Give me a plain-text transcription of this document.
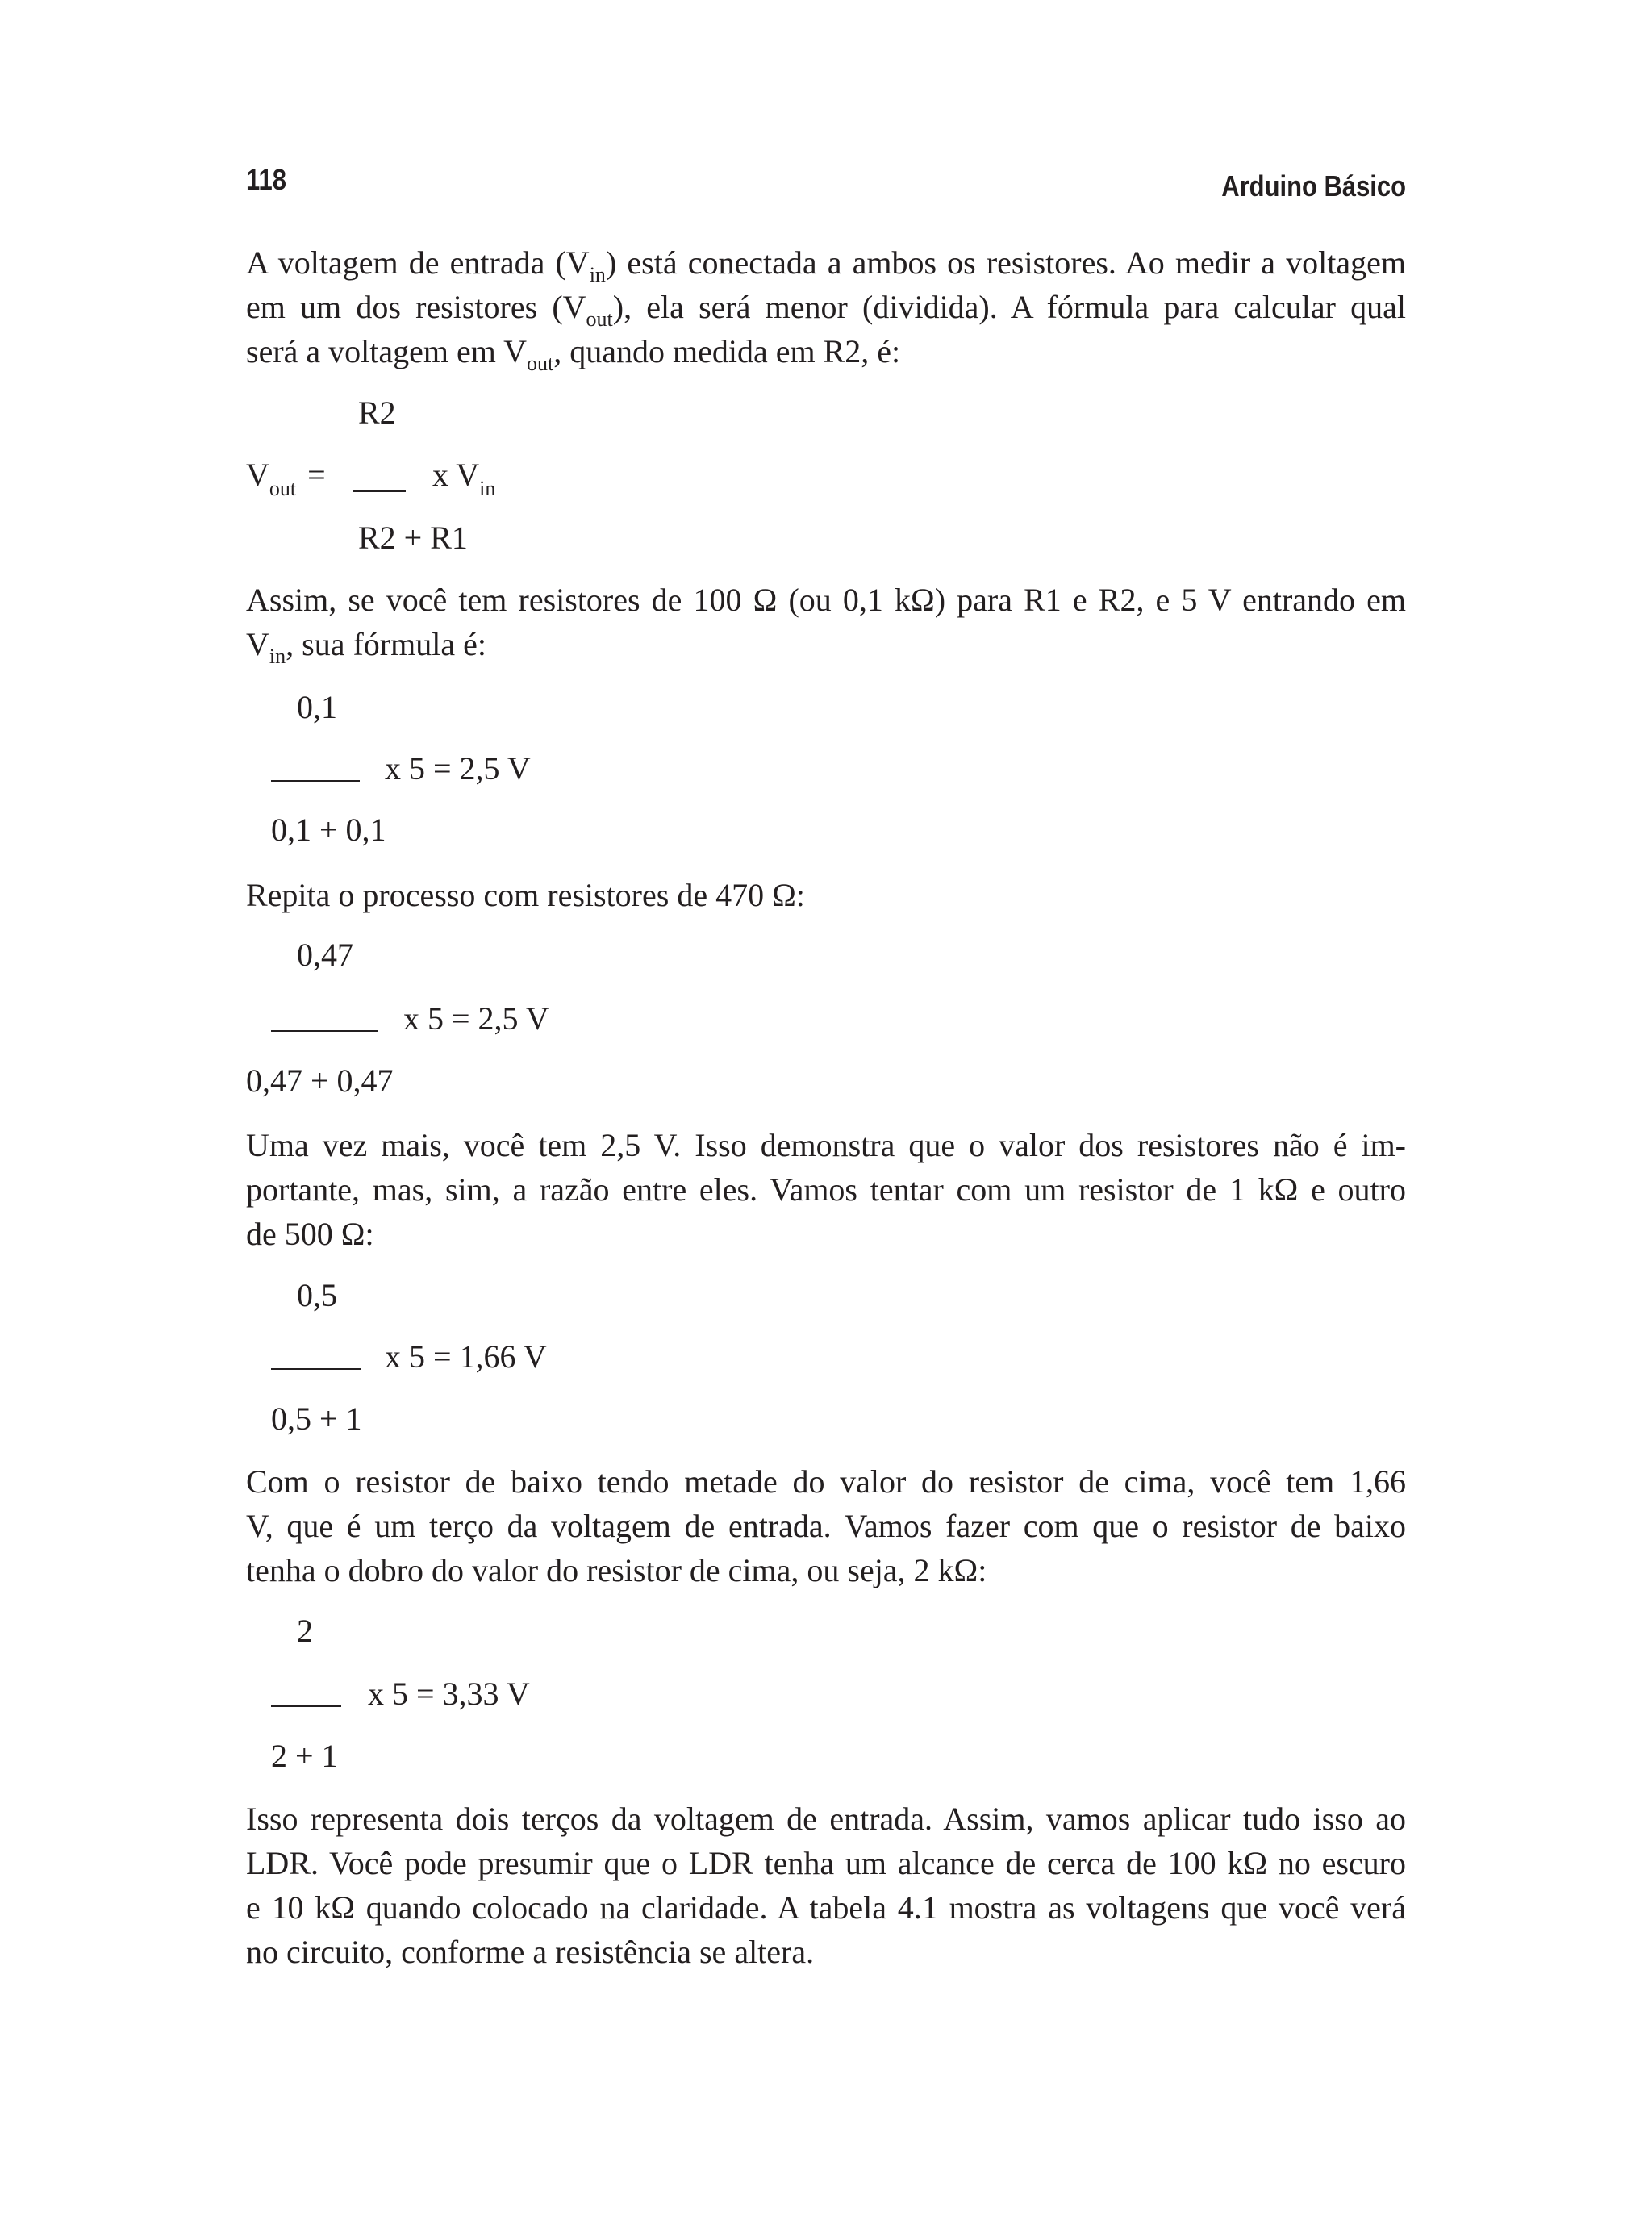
118	Arduino Básico
A voltagem de entrada $(V_{in})$ está conectada a ambos os resistores. Ao medir a voltagem
em um dos resistores $(V_{out})$, ela será menor (dividida). A fórmula para calcular qual
será a voltagem em $V_{out}$, quando medida em R2, é:
R2
$V_{out}$ =	x $V_{in}$
R2 + R1
Assim, se você tem resistores de 100 Ω (ou 0,1 kΩ) para R1 e R2, e 5 V entrando em
$V_{in}$, sua fórmula é:
0,1
x 5 = 2,5 V
0,1 + 0,1
Repita o processo com resistores de 470 Ω:
0,47
x 5 = 2,5 V
0,47 + 0,47
Uma vez mais, você tem 2,5 V. Isso demonstra que o valor dos resistores não é im-
portante, mas, sim, a razão entre eles. Vamos tentar com um resistor de 1 kΩ e outro
de 500 Ω:
0,5
x 5 = 1,66 V
0,5 + 1
Com o resistor de baixo tendo metade do valor do resistor de cima, você tem 1,66
V, que é um terço da voltagem de entrada. Vamos fazer com que o resistor de baixo
tenha o dobro do valor do resistor de cima, ou seja, 2 kΩ:
2
x 5 = 3,33 V
2 + 1
Isso representa dois terços da voltagem de entrada. Assim, vamos aplicar tudo isso ao
LDR. Você pode presumir que o LDR tenha um alcance de cerca de 100 kΩ no escuro
e 10 kΩ quando colocado na claridade. A tabela 4.1 mostra as voltagens que você verá
no circuito, conforme a resistência se altera.
